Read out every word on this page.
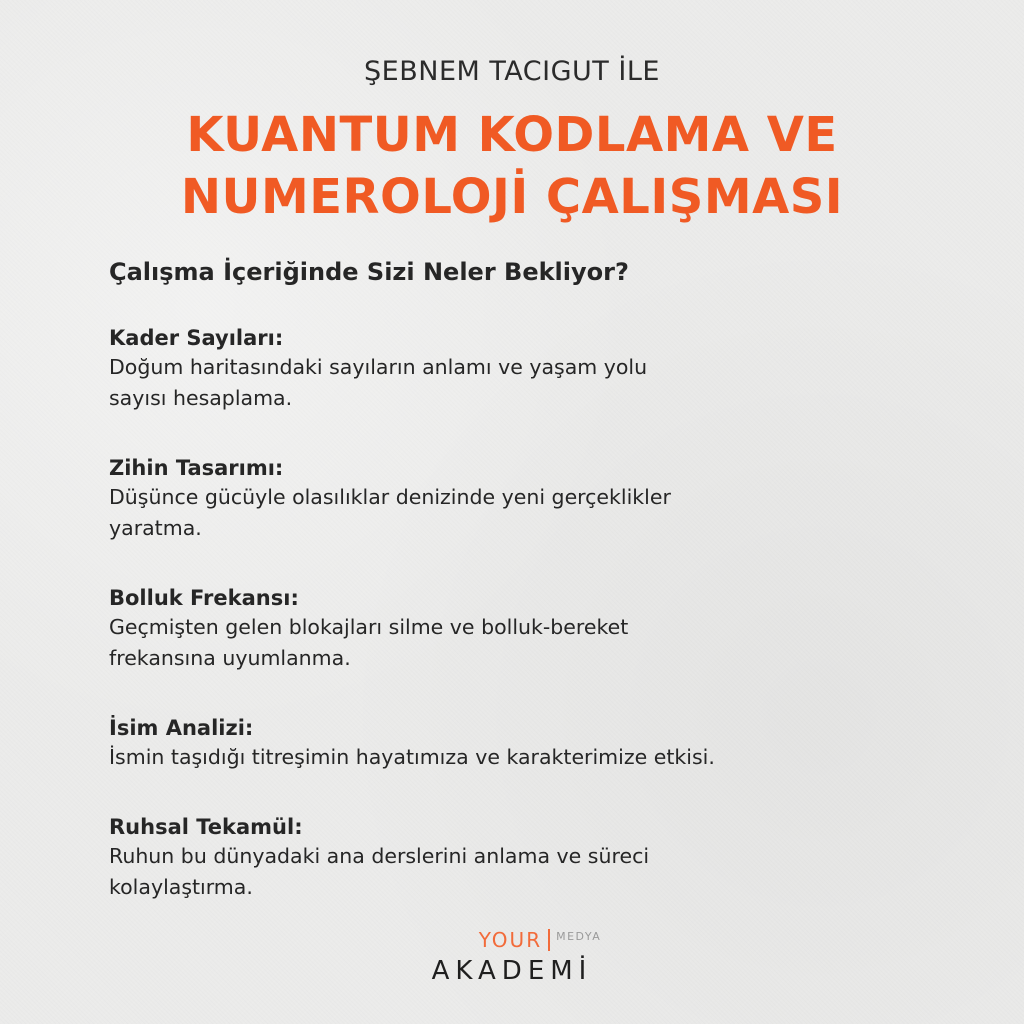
ŞEBNEM TACIGUT İLE
KUANTUM KODLAMA VE
NUMEROLOJİ ÇALIŞMASI
Çalışma İçeriğinde Sizi Neler Bekliyor?
Kader Sayıları:
Doğum haritasındaki sayıların anlamı ve yaşam yolu
sayısı hesaplama.
Zihin Tasarımı:
Düşünce gücüyle olasılıklar denizinde yeni gerçeklikler
yaratma.
Bolluk Frekansı:
Geçmişten gelen blokajları silme ve bolluk-bereket
frekansına uyumlanma.
İsim Analizi:
İsmin taşıdığı titreşimin hayatımıza ve karakterimize etkisi.
Ruhsal Tekamül:
Ruhun bu dünyadaki ana derslerini anlama ve süreci
kolaylaştırma.
YOUR MEDYA
AKADEMİ
